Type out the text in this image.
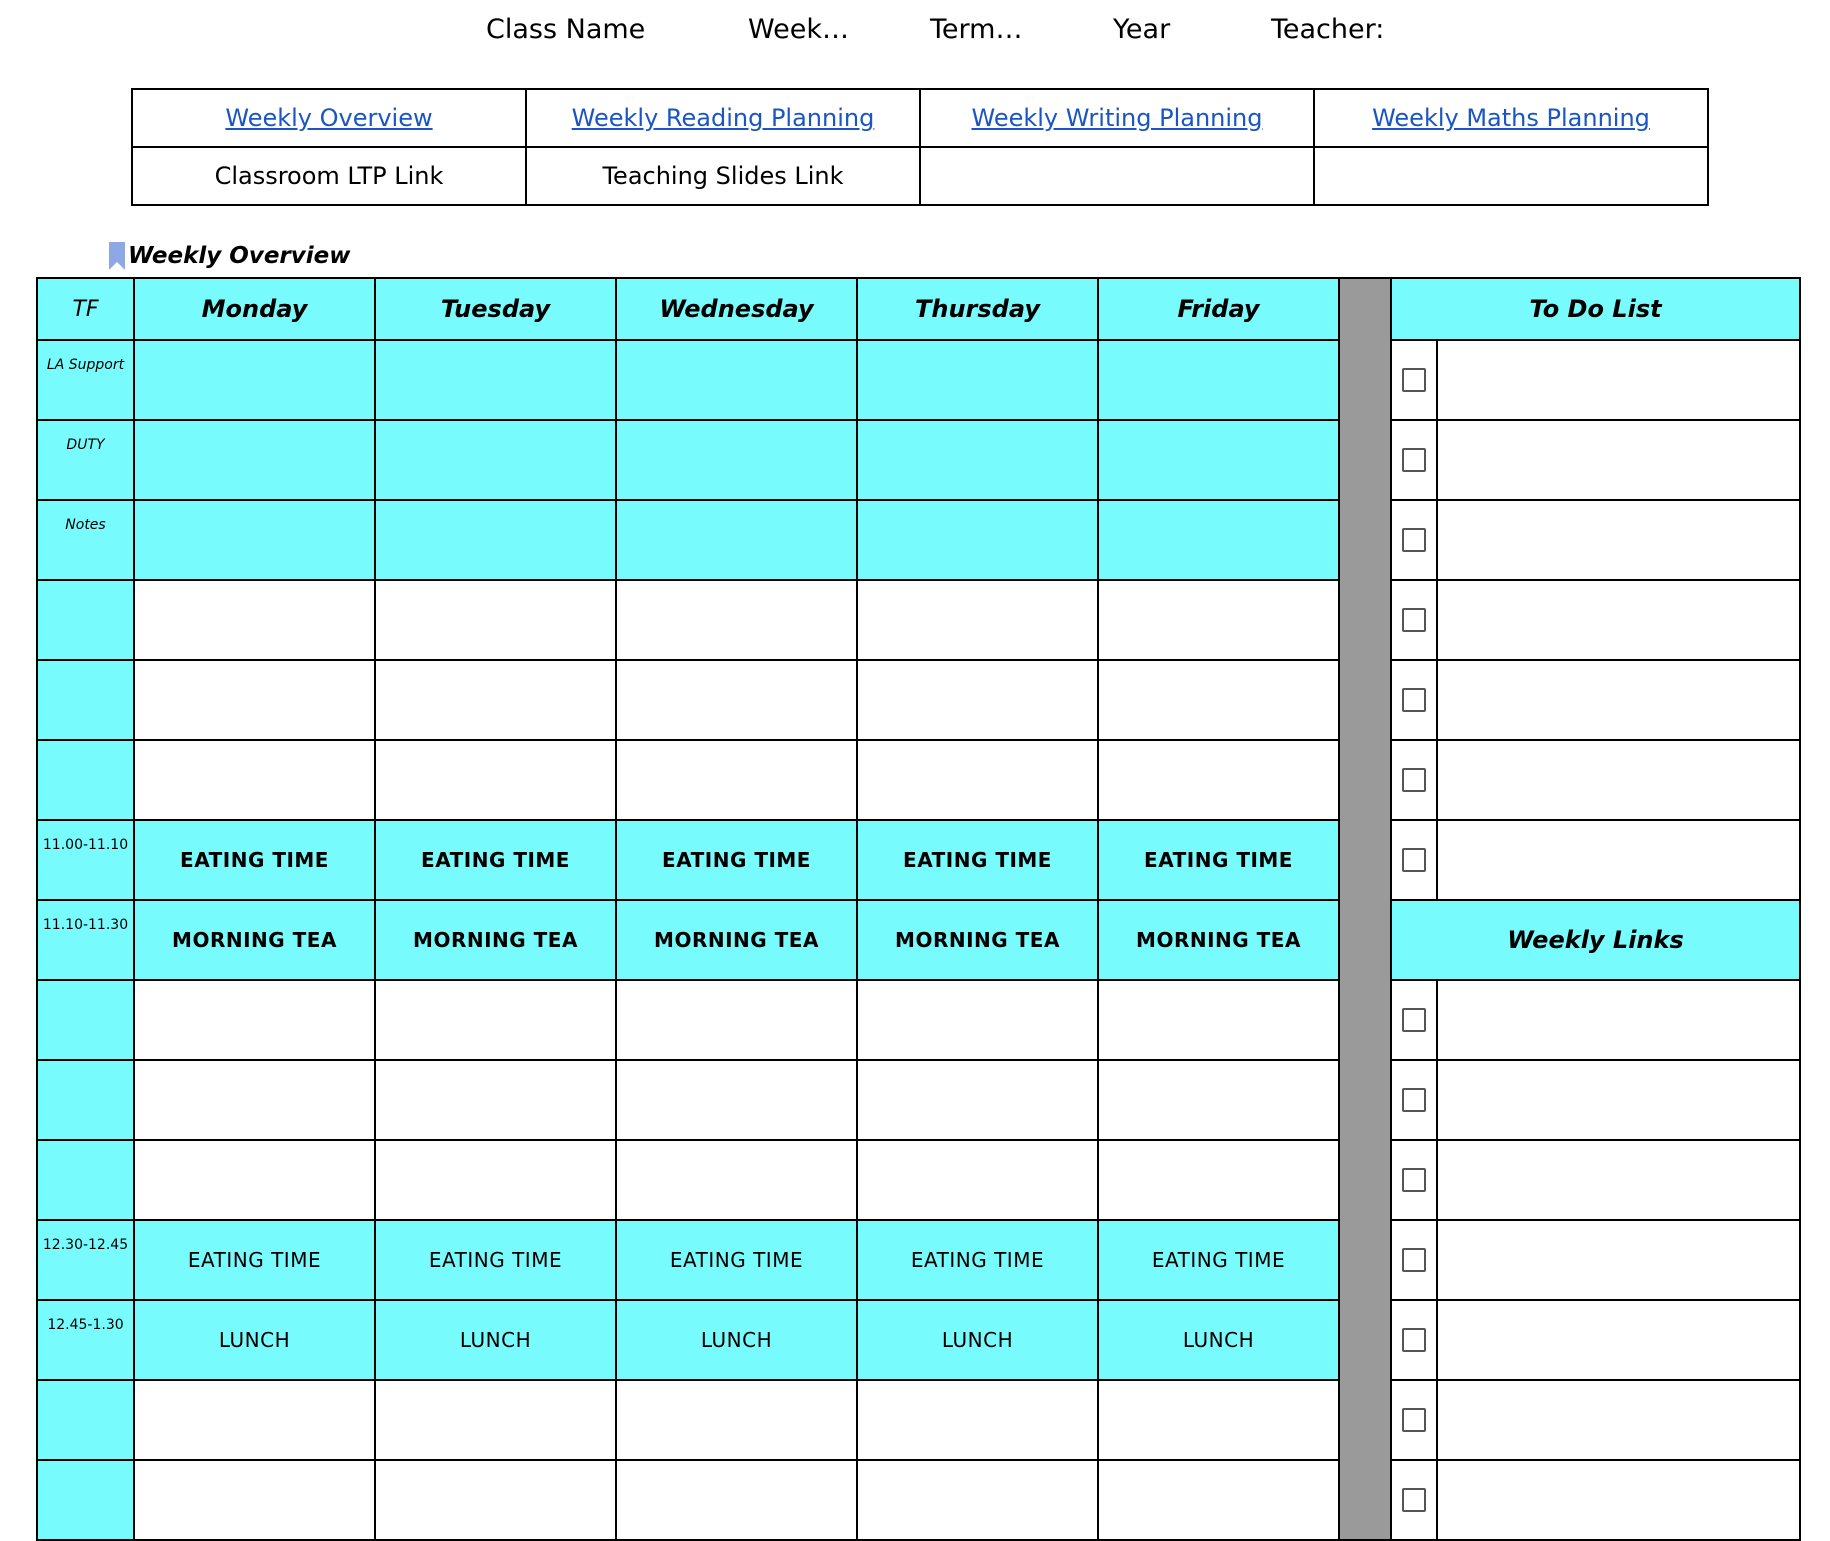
Class Name	Week…	Term…	Year	Teacher:
Weekly Overview	Weekly Reading Planning	Weekly Writing Planning	Weekly Maths Planning
Classroom LTP Link	Teaching Slides Link		
Weekly Overview
TF	Monday	Tuesday	Wednesday	Thursday	Friday		To Do List	
LA Support								
DUTY								
Notes								

11.00-11.10	EATING TIME	EATING TIME	EATING TIME	EATING TIME	EATING TIME			
11.10-11.30	MORNING TEA	MORNING TEA	MORNING TEA	MORNING TEA	MORNING TEA		Weekly Links	

12.30-12.45	EATING TIME	EATING TIME	EATING TIME	EATING TIME	EATING TIME			
12.45-1.30	LUNCH	LUNCH	LUNCH	LUNCH	LUNCH			
